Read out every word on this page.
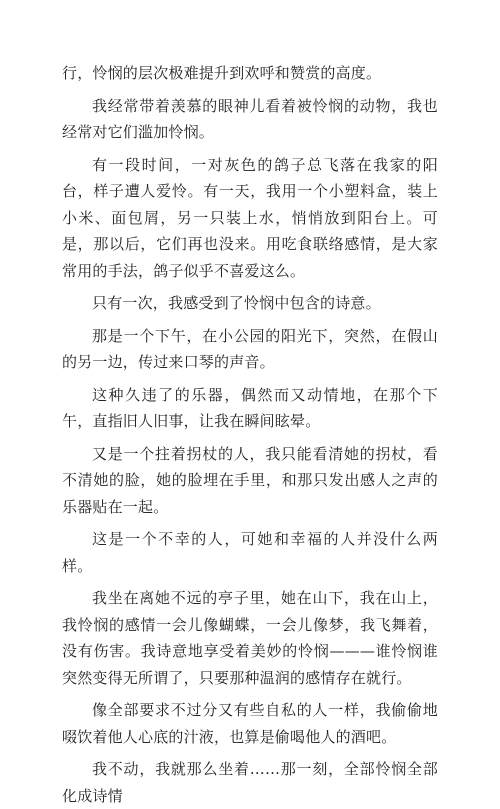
行，怜悯的层次极难提升到欢呼和赞赏的高度。

我经常带着羡慕的眼神儿看着被怜悯的动物，我也经常对它们滥加怜悯。

有一段时间，一对灰色的鸽子总飞落在我家的阳台，样子遭人爱怜。有一天，我用一个小塑料盒，装上小米、面包屑，另一只装上水，悄悄放到阳台上。可是，那以后，它们再也没来。用吃食联络感情，是大家常用的手法，鸽子似乎不喜爱这么。

只有一次，我感受到了怜悯中包含的诗意。

那是一个下午，在小公园的阳光下，突然，在假山的另一边，传过来口琴的声音。

这种久违了的乐器，偶然而又动情地，在那个下午，直指旧人旧事，让我在瞬间眩晕。

又是一个拄着拐杖的人，我只能看清她的拐杖，看不清她的脸，她的脸埋在手里，和那只发出感人之声的乐器贴在一起。

这是一个不幸的人，可她和幸福的人并没什么两样。

我坐在离她不远的亭子里，她在山下，我在山上，我怜悯的感情一会儿像蝴蝶，一会儿像梦，我飞舞着，没有伤害。我诗意地享受着美妙的怜悯———谁怜悯谁突然变得无所谓了，只要那种温润的感情存在就行。

像全部要求不过分又有些自私的人一样，我偷偷地啜饮着他人心底的汁液，也算是偷喝他人的酒吧。

我不动，我就那么坐着……那一刻，全部怜悯全部化成诗情
